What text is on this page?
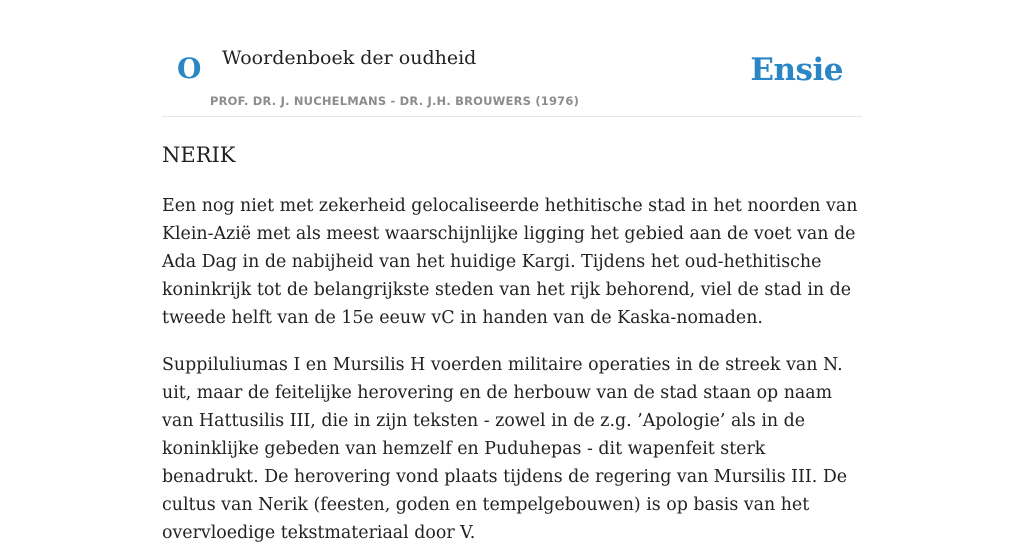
O Woordenboek der oudheid
PROF. DR. J. NUCHELMANS - DR. J.H. BROUWERS (1976)
Ensie
NERIK

Een nog niet met zekerheid gelocaliseerde hethitische stad in het noorden van Klein-Azië met als meest waarschijnlijke ligging het gebied aan de voet van de Ada Dag in de nabijheid van het huidige Kargi. Tijdens het oud-hethitische koninkrijk tot de belangrijkste steden van het rijk behorend, viel de stad in de tweede helft van de 15e eeuw vC in handen van de Kaska-nomaden.

Suppiluliumas I en Mursilis H voerden militaire operaties in de streek van N. uit, maar de feitelijke herovering en de herbouw van de stad staan op naam van Hattusilis III, die in zijn teksten - zowel in de z.g. ’Apologie’ als in de koninklijke gebeden van hemzelf en Puduhepas - dit wapenfeit sterk benadrukt. De herovering vond plaats tijdens de regering van Mursilis III. De cultus van Nerik (feesten, goden en tempelgebouwen) is op basis van het overvloedige tekstmateriaal door V.
